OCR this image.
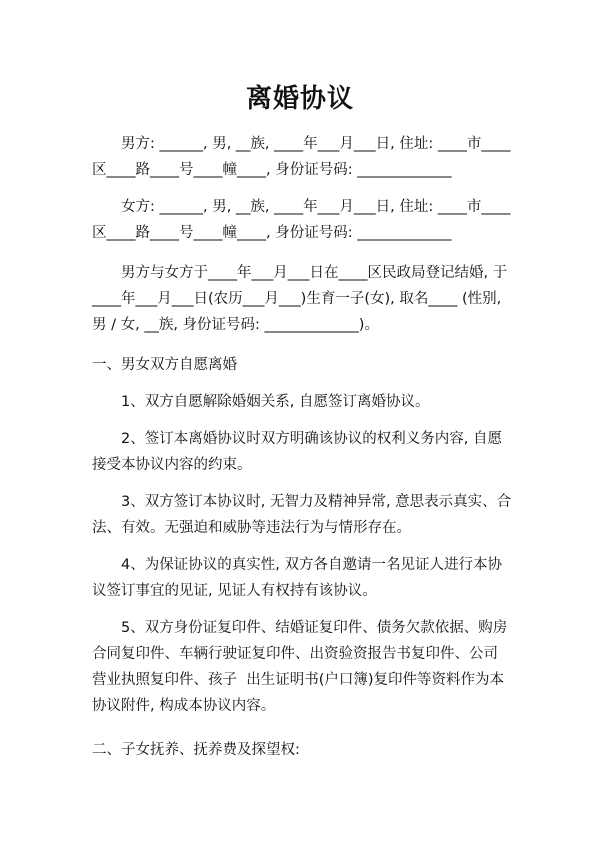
离婚协议

男方: ______, 男, __族, ____年___月___日, 住址: ____市____区____路____号____幢____, 身份证号码: _____________

女方: ______, 男, __族, ____年___月___日, 住址: ____市____区____路____号____幢____, 身份证号码: _____________

男方与女方于____年___月___日在____区民政局登记结婚, 于____年___月___日(农历___月___)生育一子(女), 取名____ (性别, 男 / 女, __族, 身份证号码: _____________)。

一、男女双方自愿离婚

1、双方自愿解除婚姻关系, 自愿签订离婚协议。

2、签订本离婚协议时双方明确该协议的权利义务内容, 自愿接受本协议内容的约束。

3、双方签订本协议时, 无智力及精神异常, 意思表示真实、合法、有效。无强迫和威胁等违法行为与情形存在。

4、为保证协议的真实性, 双方各自邀请一名见证人进行本协议签订事宜的见证, 见证人有权持有该协议。

5、双方身份证复印件、结婚证复印件、债务欠款依据、购房合同复印件、车辆行驶证复印件、出资验资报告书复印件、公司营业执照复印件、孩子  出生证明书(户口簿)复印件等资料作为本协议附件, 构成本协议内容。

二、子女抚养、抚养费及探望权:
